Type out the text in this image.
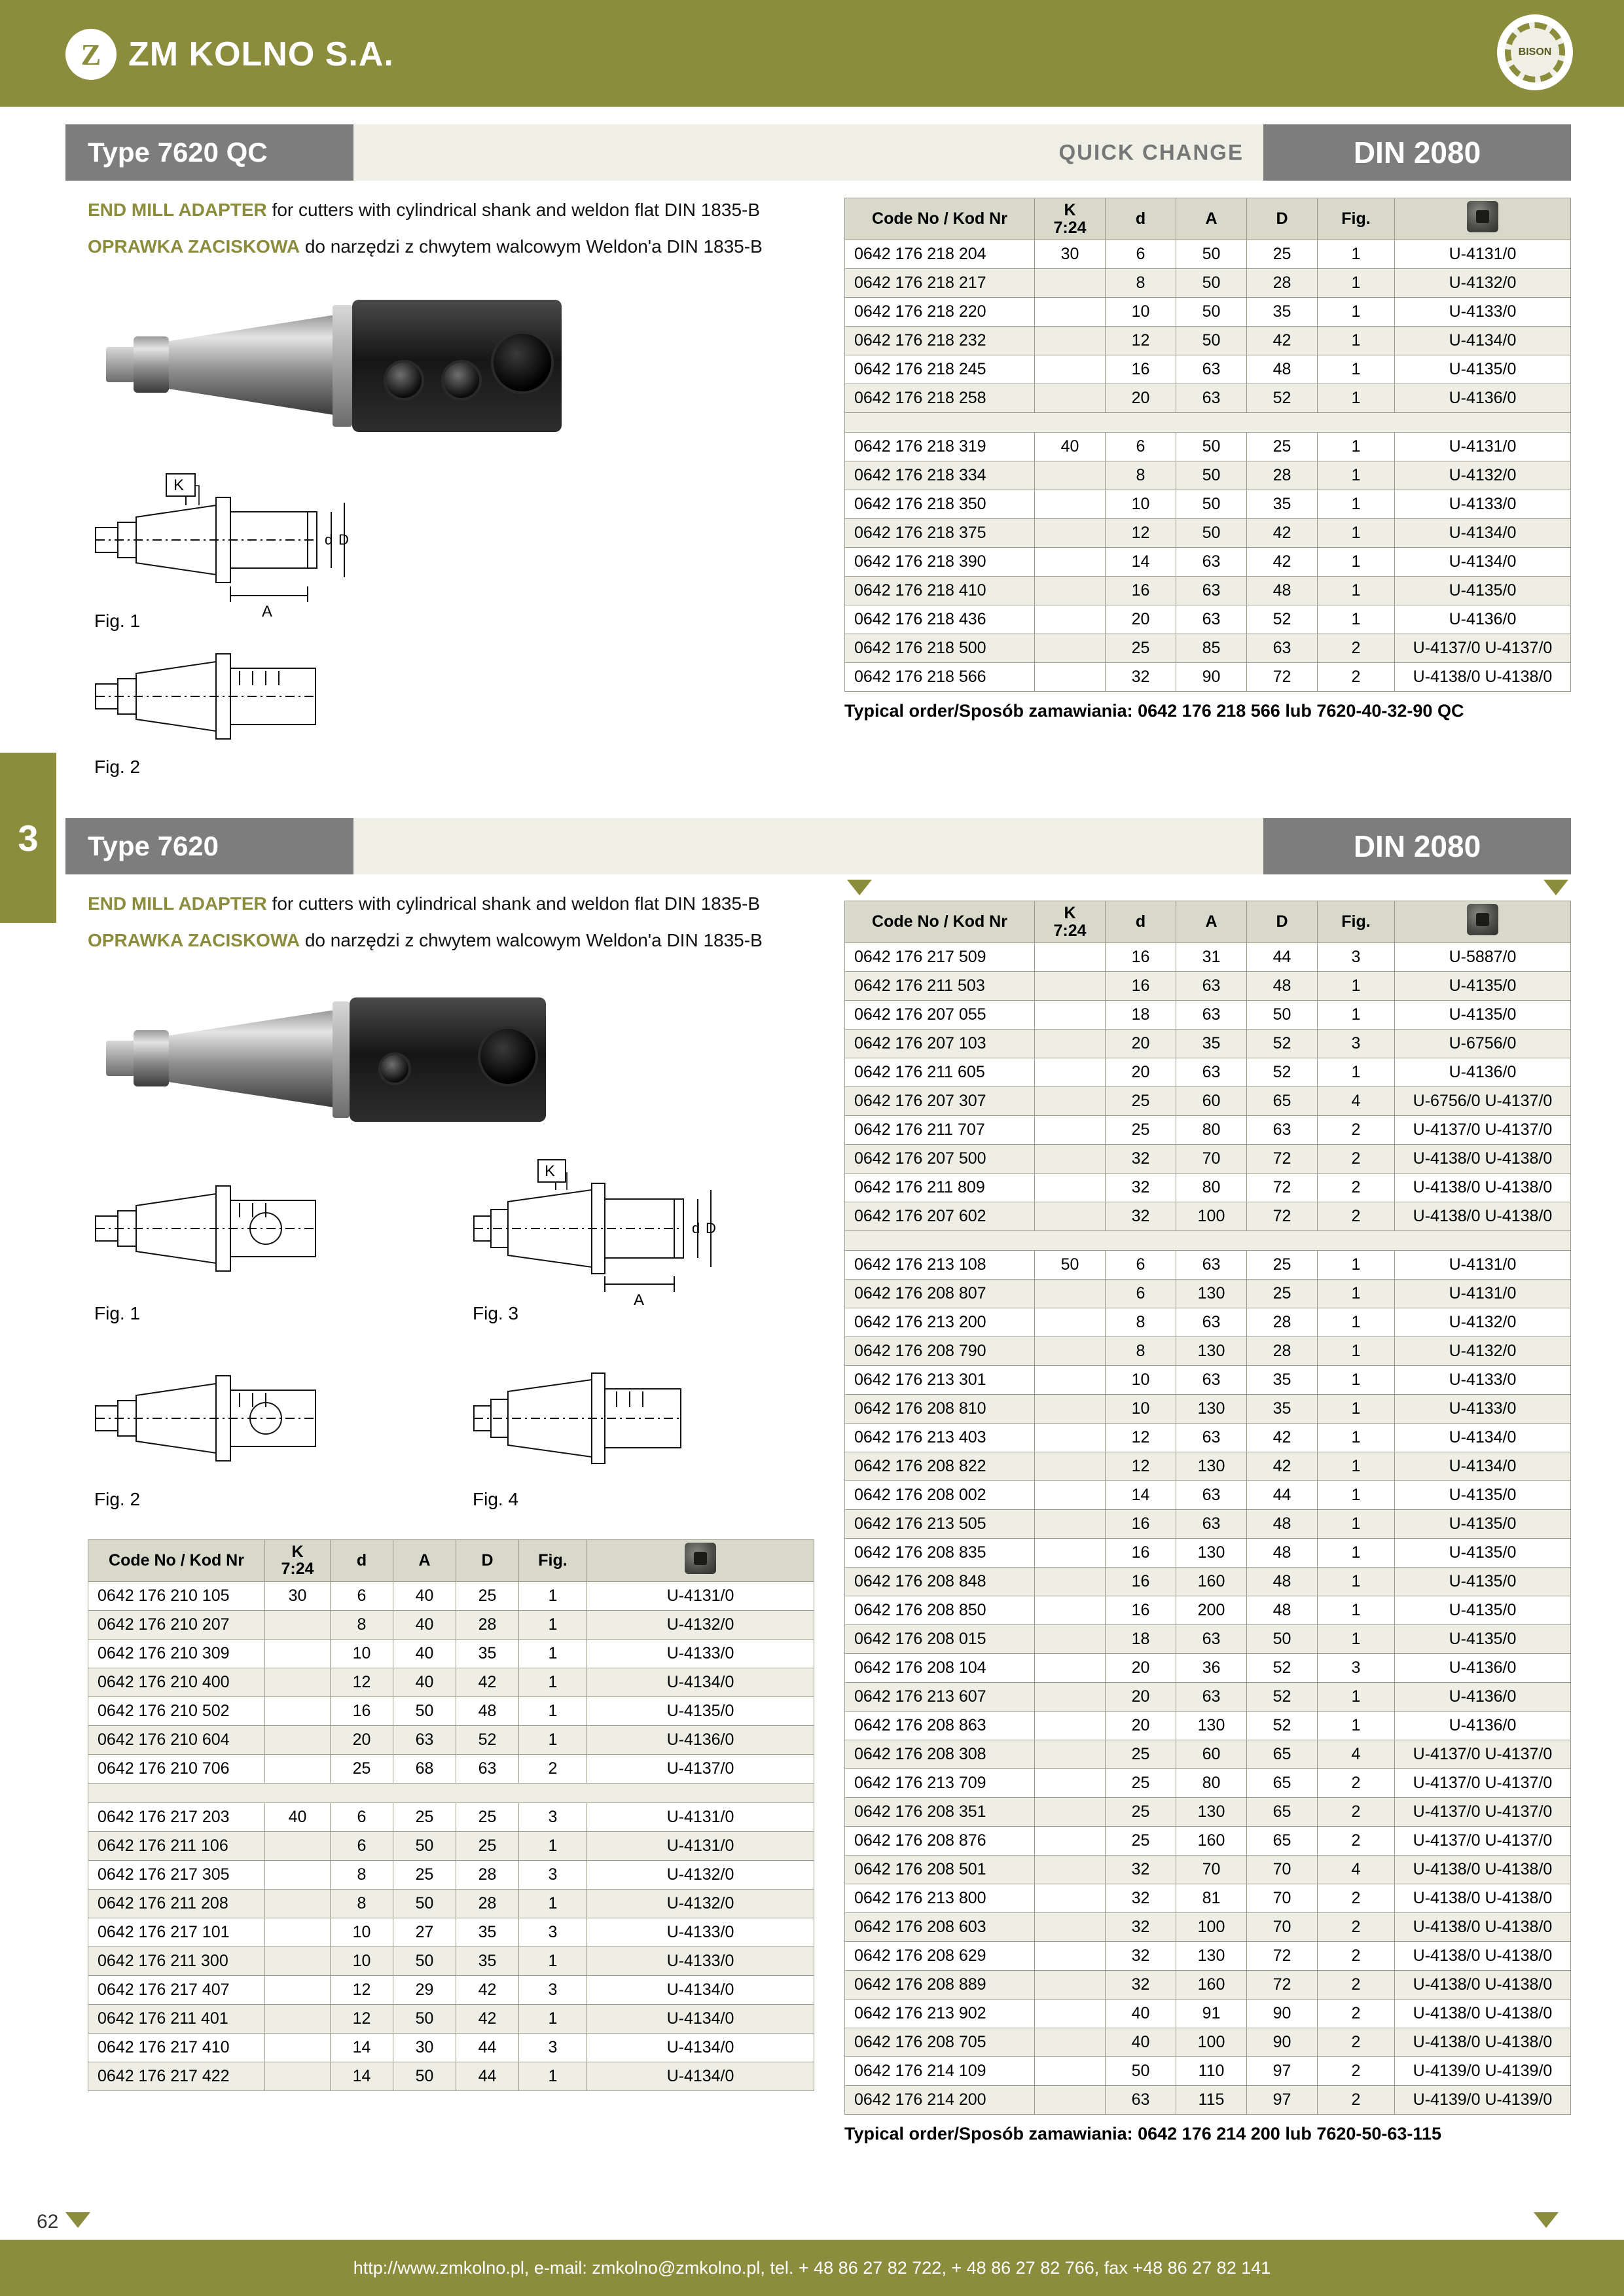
Z ZM KOLNO S.A.	BISON
3
Type 7620 QC	QUICK CHANGE	DIN 2080

END MILL ADAPTER for cutters with cylindrical shank and weldon flat DIN 1835-B

OPRAWKA ZACISKOWA do narzędzi z chwytem walcowym Weldon'a DIN 1835-B

K
A
d D
Fig. 1
Fig. 2
Code No / Kod Nr	K
7:24	d	A	D	Fig.	
0642 176 218 204	30	6	50	25	1	U-4131/0
0642 176 218 217		8	50	28	1	U-4132/0
0642 176 218 220		10	50	35	1	U-4133/0
0642 176 218 232		12	50	42	1	U-4134/0
0642 176 218 245		16	63	48	1	U-4135/0
0642 176 218 258		20	63	52	1	U-4136/0

0642 176 218 319	40	6	50	25	1	U-4131/0
0642 176 218 334		8	50	28	1	U-4132/0
0642 176 218 350		10	50	35	1	U-4133/0
0642 176 218 375		12	50	42	1	U-4134/0
0642 176 218 390		14	63	42	1	U-4134/0
0642 176 218 410		16	63	48	1	U-4135/0
0642 176 218 436		20	63	52	1	U-4136/0
0642 176 218 500		25	85	63	2	U-4137/0 U-4137/0
0642 176 218 566		32	90	72	2	U-4138/0 U-4138/0
Typical order/Sposób zamawiania: 0642 176 218 566 lub 7620-40-32-90 QC
Type 7620	DIN 2080

END MILL ADAPTER for cutters with cylindrical shank and weldon flat DIN 1835-B

OPRAWKA ZACISKOWA do narzędzi z chwytem walcowym Weldon'a DIN 1835-B

Fig. 1
K
A
d D
Fig. 3
Fig. 2	Fig. 4
Code No / Kod Nr	K
7:24	d	A	D	Fig.	
0642 176 210 105	30	6	40	25	1	U-4131/0
0642 176 210 207		8	40	28	1	U-4132/0
0642 176 210 309		10	40	35	1	U-4133/0
0642 176 210 400		12	40	42	1	U-4134/0
0642 176 210 502		16	50	48	1	U-4135/0
0642 176 210 604		20	63	52	1	U-4136/0
0642 176 210 706		25	68	63	2	U-4137/0

0642 176 217 203	40	6	25	25	3	U-4131/0
0642 176 211 106		6	50	25	1	U-4131/0
0642 176 217 305		8	25	28	3	U-4132/0
0642 176 211 208		8	50	28	1	U-4132/0
0642 176 217 101		10	27	35	3	U-4133/0
0642 176 211 300		10	50	35	1	U-4133/0
0642 176 217 407		12	29	42	3	U-4134/0
0642 176 211 401		12	50	42	1	U-4134/0
0642 176 217 410		14	30	44	3	U-4134/0
0642 176 217 422		14	50	44	1	U-4134/0
Code No / Kod Nr	K
7:24	d	A	D	Fig.	
0642 176 217 509		16	31	44	3	U-5887/0
0642 176 211 503		16	63	48	1	U-4135/0
0642 176 207 055		18	63	50	1	U-4135/0
0642 176 207 103		20	35	52	3	U-6756/0
0642 176 211 605		20	63	52	1	U-4136/0
0642 176 207 307		25	60	65	4	U-6756/0 U-4137/0
0642 176 211 707		25	80	63	2	U-4137/0 U-4137/0
0642 176 207 500		32	70	72	2	U-4138/0 U-4138/0
0642 176 211 809		32	80	72	2	U-4138/0 U-4138/0
0642 176 207 602		32	100	72	2	U-4138/0 U-4138/0

0642 176 213 108	50	6	63	25	1	U-4131/0
0642 176 208 807		6	130	25	1	U-4131/0
0642 176 213 200		8	63	28	1	U-4132/0
0642 176 208 790		8	130	28	1	U-4132/0
0642 176 213 301		10	63	35	1	U-4133/0
0642 176 208 810		10	130	35	1	U-4133/0
0642 176 213 403		12	63	42	1	U-4134/0
0642 176 208 822		12	130	42	1	U-4134/0
0642 176 208 002		14	63	44	1	U-4135/0
0642 176 213 505		16	63	48	1	U-4135/0
0642 176 208 835		16	130	48	1	U-4135/0
0642 176 208 848		16	160	48	1	U-4135/0
0642 176 208 850		16	200	48	1	U-4135/0
0642 176 208 015		18	63	50	1	U-4135/0
0642 176 208 104		20	36	52	3	U-4136/0
0642 176 213 607		20	63	52	1	U-4136/0
0642 176 208 863		20	130	52	1	U-4136/0
0642 176 208 308		25	60	65	4	U-4137/0 U-4137/0
0642 176 213 709		25	80	65	2	U-4137/0 U-4137/0
0642 176 208 351		25	130	65	2	U-4137/0 U-4137/0
0642 176 208 876		25	160	65	2	U-4137/0 U-4137/0
0642 176 208 501		32	70	70	4	U-4138/0 U-4138/0
0642 176 213 800		32	81	70	2	U-4138/0 U-4138/0
0642 176 208 603		32	100	70	2	U-4138/0 U-4138/0
0642 176 208 629		32	130	72	2	U-4138/0 U-4138/0
0642 176 208 889		32	160	72	2	U-4138/0 U-4138/0
0642 176 213 902		40	91	90	2	U-4138/0 U-4138/0
0642 176 208 705		40	100	90	2	U-4138/0 U-4138/0
0642 176 214 109		50	110	97	2	U-4139/0 U-4139/0
0642 176 214 200		63	115	97	2	U-4139/0 U-4139/0
Typical order/Sposób zamawiania: 0642 176 214 200 lub 7620-50-63-115
62
http://www.zmkolno.pl, e-mail: zmkolno@zmkolno.pl, tel. + 48 86 27 82 722, + 48 86 27 82 766, fax +48 86 27 82 141
